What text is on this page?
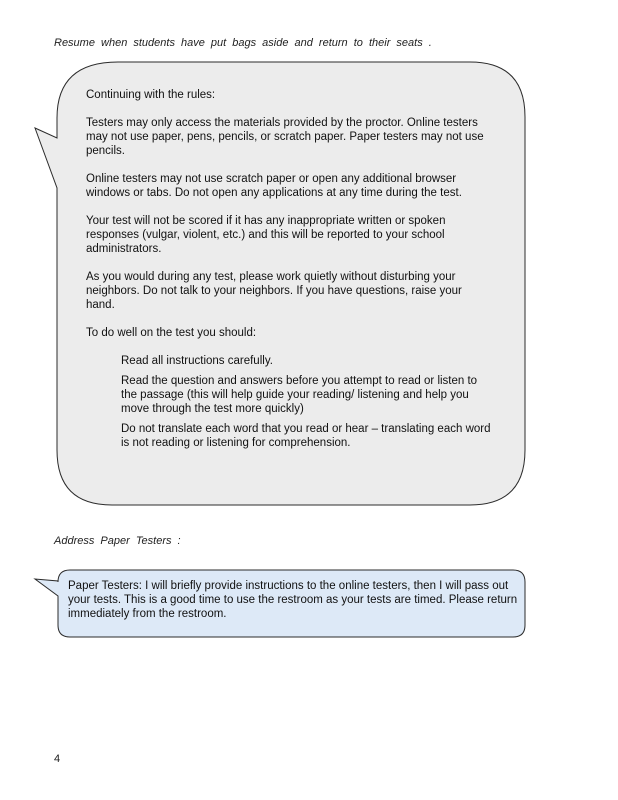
Resume when students have put bags aside and return to their seats .

Continuing with the rules:

Testers may only access the materials provided by the proctor. Online testers may not use paper, pens, pencils, or scratch paper. Paper testers may not use pencils.

Online testers may not use scratch paper or open any additional browser windows or tabs. Do not open any applications at any time during the test.

Your test will not be scored if it has any inappropriate written or spoken responses (vulgar, violent, etc.) and this will be reported to your school administrators.

As you would during any test, please work quietly without disturbing your neighbors. Do not talk to your neighbors. If you have questions, raise your hand.

To do well on the test you should:

Read all instructions carefully.
Read the question and answers before you attempt to read or listen to the passage (this will help guide your reading/ listening and help you move through the test more quickly)
Do not translate each word that you read or hear – translating each word is not reading or listening for comprehension.
Address Paper Testers :

Paper Testers: I will briefly provide instructions to the online testers, then I will pass out your tests. This is a good time to use the restroom as your tests are timed. Please return immediately from the restroom.

4
